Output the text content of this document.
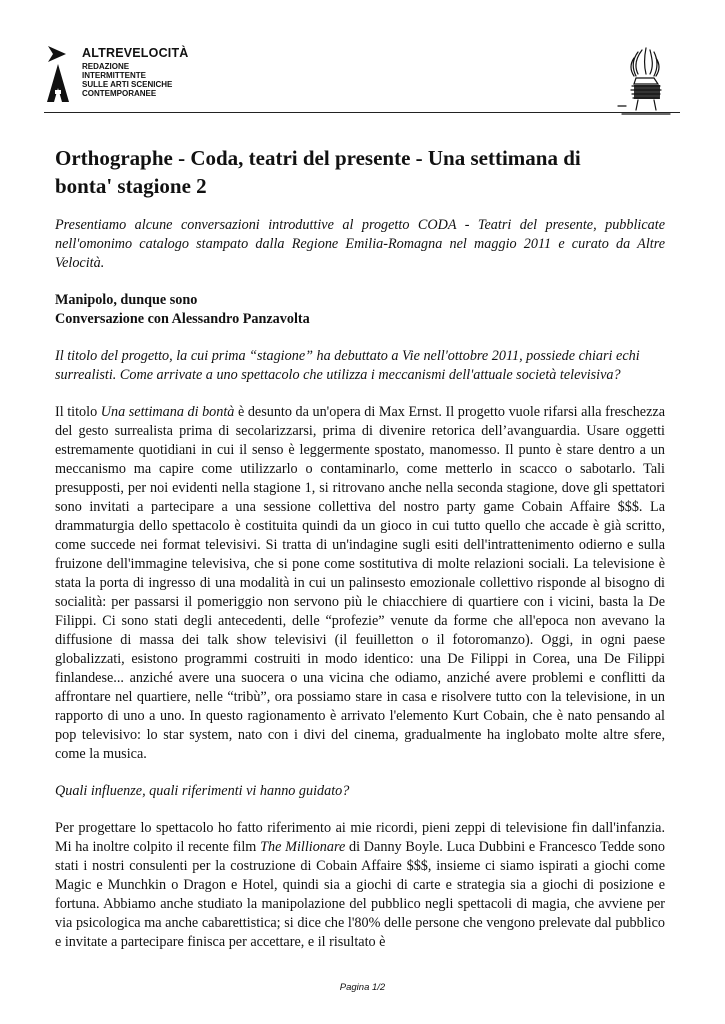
ALTREVELOCITÀ
REDAZIONE
INTERMITTENTE
SULLE ARTI SCENICHE
CONTEMPORANEE
Orthographe - Coda, teatri del presente - Una settimana di bonta' stagione 2

Presentiamo alcune conversazioni introduttive al progetto CODA - Teatri del presente, pubblicate nell'omonimo catalogo stampato dalla Regione Emilia-Romagna nel maggio 2011 e curato da Altre Velocità.

Manipolo, dunque sono
Conversazione con Alessandro Panzavolta

Il titolo del progetto, la cui prima “stagione” ha debuttato a Vie nell'ottobre 2011, possiede chiari echi surrealisti. Come arrivate a uno spettacolo che utilizza i meccanismi dell'attuale società televisiva?

Il titolo Una settimana di bontà è desunto da un'opera di Max Ernst. Il progetto vuole rifarsi alla freschezza del gesto surrealista prima di secolarizzarsi, prima di divenire retorica dell’avanguardia. Usare oggetti estremamente quotidiani in cui il senso è leggermente spostato, manomesso. Il punto è stare dentro a un meccanismo ma capire come utilizzarlo o contaminarlo, come metterlo in scacco o sabotarlo. Tali presupposti, per noi evidenti nella stagione 1, si ritrovano anche nella seconda stagione, dove gli spettatori sono invitati a partecipare a una sessione collettiva del nostro party game Cobain Affaire $$$. La drammaturgia dello spettacolo è costituita quindi da un gioco in cui tutto quello che accade è già scritto, come succede nei format televisivi. Si tratta di un'indagine sugli esiti dell'intrattenimento odierno e sulla fruizone dell'immagine televisiva, che si pone come sostitutiva di molte relazioni sociali. La televisione è stata la porta di ingresso di una modalità in cui un palinsesto emozionale collettivo risponde al bisogno di socialità: per passarsi il pomeriggio non servono più le chiacchiere di quartiere con i vicini, basta la De Filippi. Ci sono stati degli antecedenti, delle “profezie” venute da forme che all'epoca non avevano la diffusione di massa dei talk show televisivi (il feuilletton o il fotoromanzo). Oggi, in ogni paese globalizzati, esistono programmi costruiti in modo identico: una De Filippi in Corea, una De Filippi finlandese... anziché avere una suocera o una vicina che odiamo, anziché avere problemi e conflitti da affrontare nel quartiere, nelle “tribù”, ora possiamo stare in casa e risolvere tutto con la televisione, in un rapporto di uno a uno. In questo ragionamento è arrivato l'elemento Kurt Cobain, che è nato pensando al pop televisivo: lo star system, nato con i divi del cinema, gradualmente ha inglobato molte altre sfere, come la musica.

Quali influenze, quali riferimenti vi hanno guidato?

Per progettare lo spettacolo ho fatto riferimento ai mie ricordi, pieni zeppi di televisione fin dall'infanzia. Mi ha inoltre colpito il recente film The Millionare di Danny Boyle. Luca Dubbini e Francesco Tedde sono stati i nostri consulenti per la costruzione di Cobain Affaire $$$, insieme ci siamo ispirati a giochi come Magic e Munchkin o Dragon e Hotel, quindi sia a giochi di carte e strategia sia a giochi di posizione e fortuna. Abbiamo anche studiato la manipolazione del pubblico negli spettacoli di magia, che avviene per via psicologica ma anche cabarettistica; si dice che l'80% delle persone che vengono prelevate dal pubblico e invitate a partecipare finisca per accettare, e il risultato è

Pagina 1/2
